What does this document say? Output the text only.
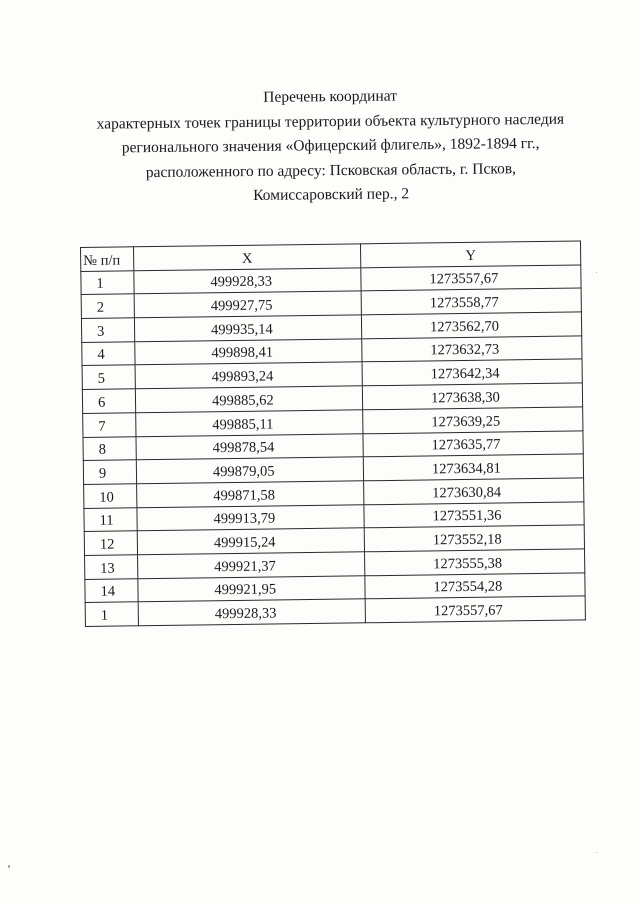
Перечень координат
характерных точек границы территории объекта культурного наследия
регионального значения «Офицерский флигель», 1892-1894 гг.,
расположенного по адресу: Псковская область, г. Псков,
Комиссаровский пер., 2
№ п/п	X	Y
1	499928,33	1273557,67
2	499927,75	1273558,77
3	499935,14	1273562,70
4	499898,41	1273632,73
5	499893,24	1273642,34
6	499885,62	1273638,30
7	499885,11	1273639,25
8	499878,54	1273635,77
9	499879,05	1273634,81
10	499871,58	1273630,84
11	499913,79	1273551,36
12	499915,24	1273552,18
13	499921,37	1273555,38
14	499921,95	1273554,28
1	499928,33	1273557,67
